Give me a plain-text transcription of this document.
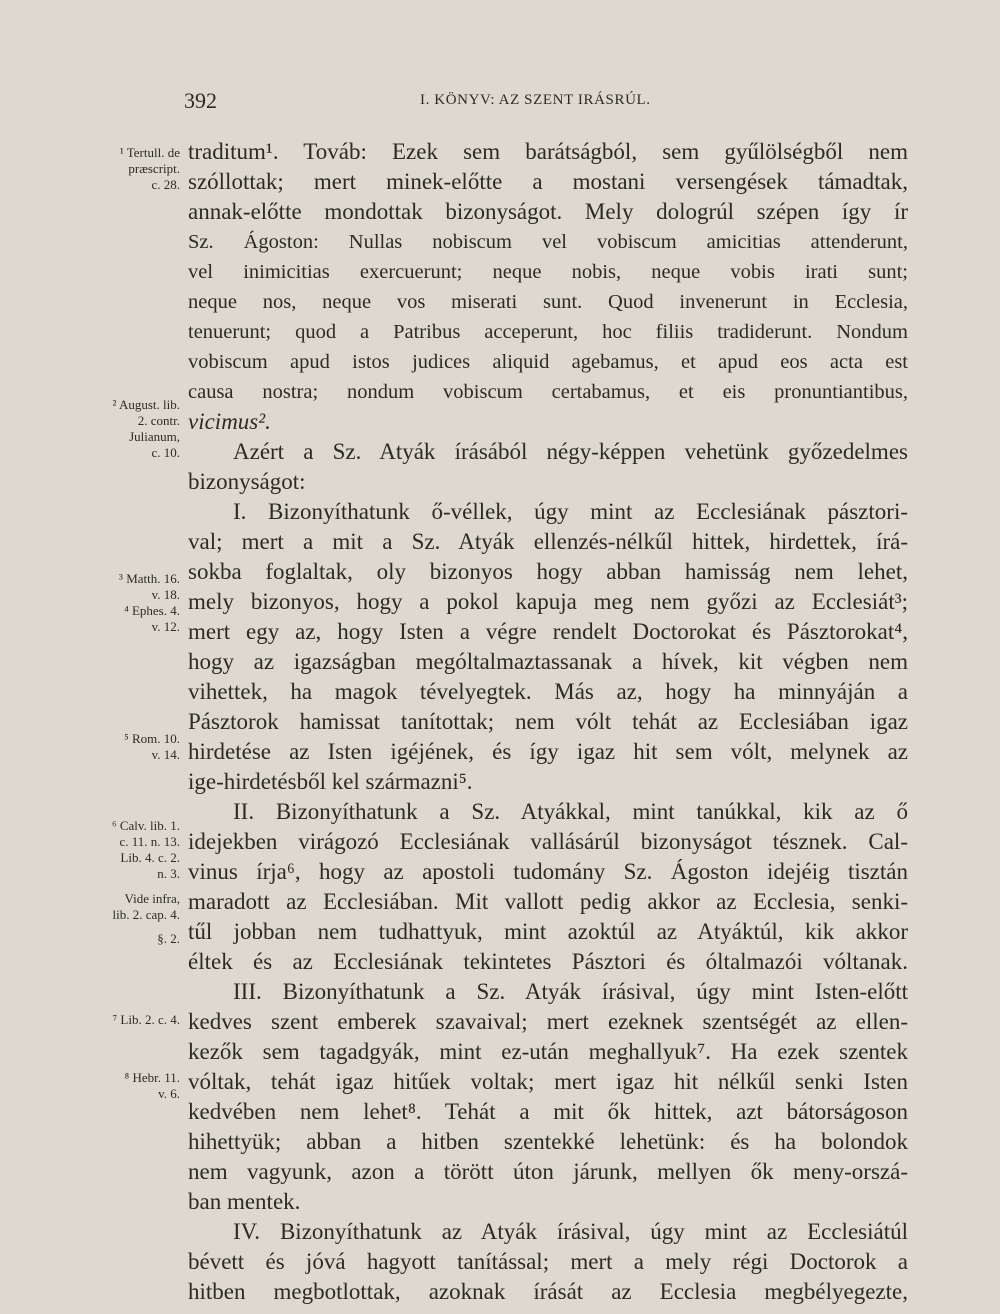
392	I. KÖNYV: AZ SZENT IRÁSRÚL.
traditum¹. Továb: Ezek sem barátságból, sem gyűlölségből nem
szóllottak; mert minek-előtte a mostani versengések támadtak,
annak-előtte mondottak bizonyságot. Mely dologrúl szépen így ír
Sz. Ágoston: Nullas nobiscum vel vobiscum amicitias attenderunt,
vel inimicitias exercuerunt; neque nobis, neque vobis irati sunt;
neque nos, neque vos miserati sunt. Quod invenerunt in Ecclesia,
tenuerunt; quod a Patribus acceperunt, hoc filiis tradiderunt. Nondum
vobiscum apud istos judices aliquid agebamus, et apud eos acta est
causa nostra; nondum vobiscum certabamus, et eis pronuntiantibus,
vicimus².
Azért a Sz. Atyák írásából négy-képpen vehetünk győzedelmes
bizonyságot:
I. Bizonyíthatunk ő-véllek, úgy mint az Ecclesiának pásztori-
val; mert a mit a Sz. Atyák ellenzés-nélkűl hittek, hirdettek, írá-
sokba foglaltak, oly bizonyos hogy abban hamisság nem lehet,
mely bizonyos, hogy a pokol kapuja meg nem győzi az Ecclesiát³;
mert egy az, hogy Isten a végre rendelt Doctorokat és Pásztorokat⁴,
hogy az igazságban mególtalmaztassanak a hívek, kit végben nem
vihettek, ha magok tévelyegtek. Más az, hogy ha minnyáján a
Pásztorok hamissat tanítottak; nem vólt tehát az Ecclesiában igaz
hirdetése az Isten igéjének, és így igaz hit sem vólt, melynek az
ige-hirdetésből kel származni⁵.
II. Bizonyíthatunk a Sz. Atyákkal, mint tanúkkal, kik az ő
idejekben virágozó Ecclesiának vallásárúl bizonyságot tésznek. Cal-
vinus írja⁶, hogy az apostoli tudomány Sz. Ágoston idejéig tisztán
maradott az Ecclesiában. Mit vallott pedig akkor az Ecclesia, senki-
tűl jobban nem tudhattyuk, mint azoktúl az Atyáktúl, kik akkor
éltek és az Ecclesiának tekintetes Pásztori és óltalmazói vóltanak.
III. Bizonyíthatunk a Sz. Atyák írásival, úgy mint Isten-előtt
kedves szent emberek szavaival; mert ezeknek szentségét az ellen-
kezők sem tagadgyák, mint ez-után meghallyuk⁷. Ha ezek szentek
vóltak, tehát igaz hitűek voltak; mert igaz hit nélkűl senki Isten
kedvében nem lehet⁸. Tehát a mit ők hittek, azt bátorságoson
hihettyük; abban a hitben szentekké lehetünk: és ha bolondok
nem vagyunk, azon a törött úton járunk, mellyen ők meny-orszá-
ban mentek.
IV. Bizonyíthatunk az Atyák írásival, úgy mint az Ecclesiátúl
bévett és jóvá hagyott tanítással; mert a mely régi Doctorok a
hitben megbotlottak, azoknak írását az Ecclesia megbélyegezte,
¹ Tertull. de
præscript.
c. 28.
² August. lib.
2. contr.
Julianum,
c. 10.
³ Matth. 16.
v. 18.
⁴ Ephes. 4.
v. 12.
⁵ Rom. 10.
v. 14.
⁶ Calv. lib. 1.
c. 11. n. 13.
Lib. 4. c. 2.
n. 3.
Vide infra,
lib. 2. cap. 4.
§. 2.
⁷ Lib. 2. c. 4.
⁸ Hebr. 11.
v. 6.
